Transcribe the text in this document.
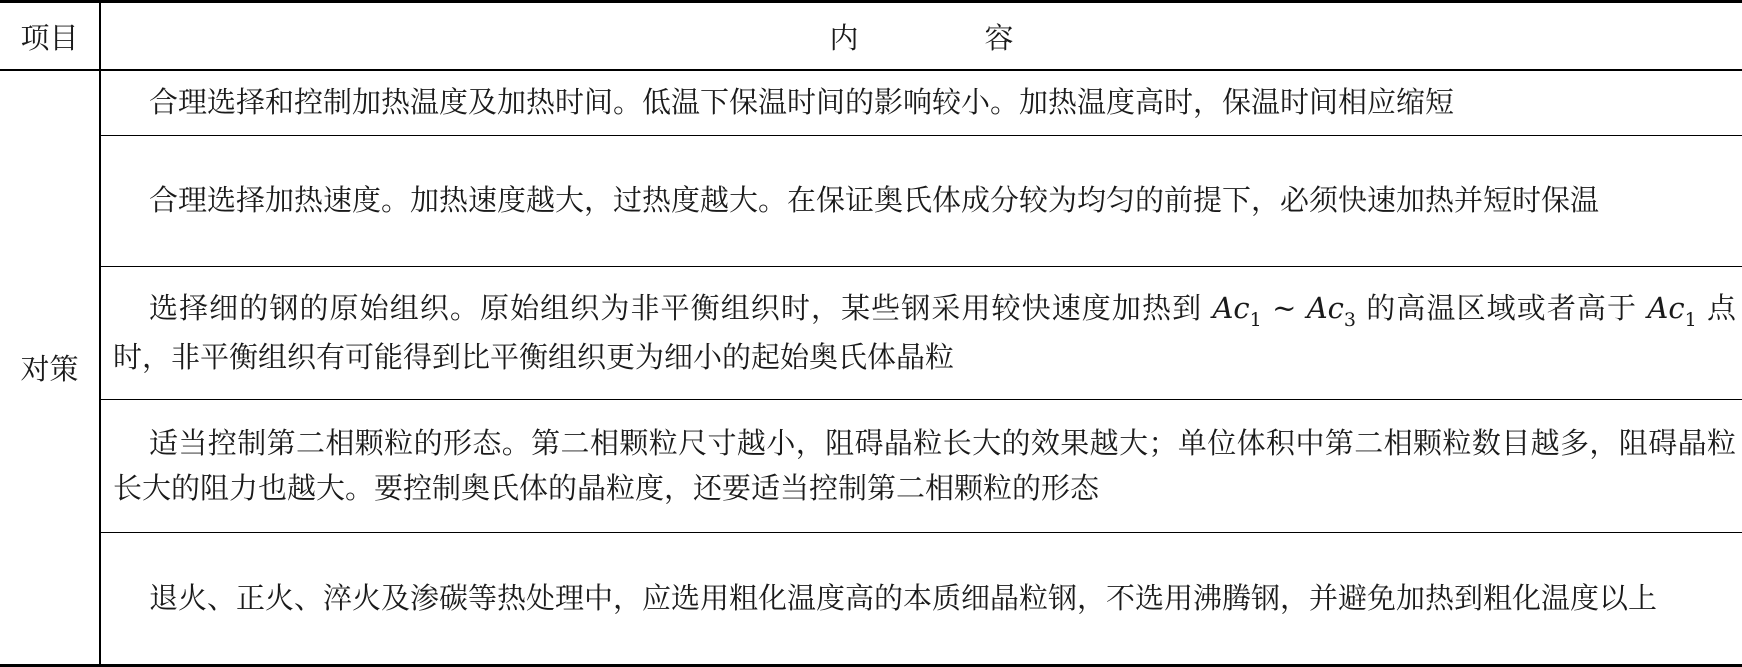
项目	内容
对策	合理选择和控制加热温度及加热时间。低温下保温时间的影响较小。加热温度高时，保温时间相应缩短

	合理选择加热速度。加热速度越大，过热度越大。在保证奥氏体成分较为均匀的前提下，必须快速加热并短时保温

	选择细的钢的原始组织。原始组织为非平衡组织时，某些钢采用较快速度加热到 $Ac_1$ ~ $Ac_3$ 的高温区域或者高于 $Ac_1$ 点时，非平衡组织有可能得到比平衡组织更为细小的起始奥氏体晶粒

	适当控制第二相颗粒的形态。第二相颗粒尺寸越小，阻碍晶粒长大的效果越大；单位体积中第二相颗粒数目越多，阻碍晶粒长大的阻力也越大。要控制奥氏体的晶粒度，还要适当控制第二相颗粒的形态

	退火、正火、淬火及渗碳等热处理中，应选用粗化温度高的本质细晶粒钢，不选用沸腾钢，并避免加热到粗化温度以上
